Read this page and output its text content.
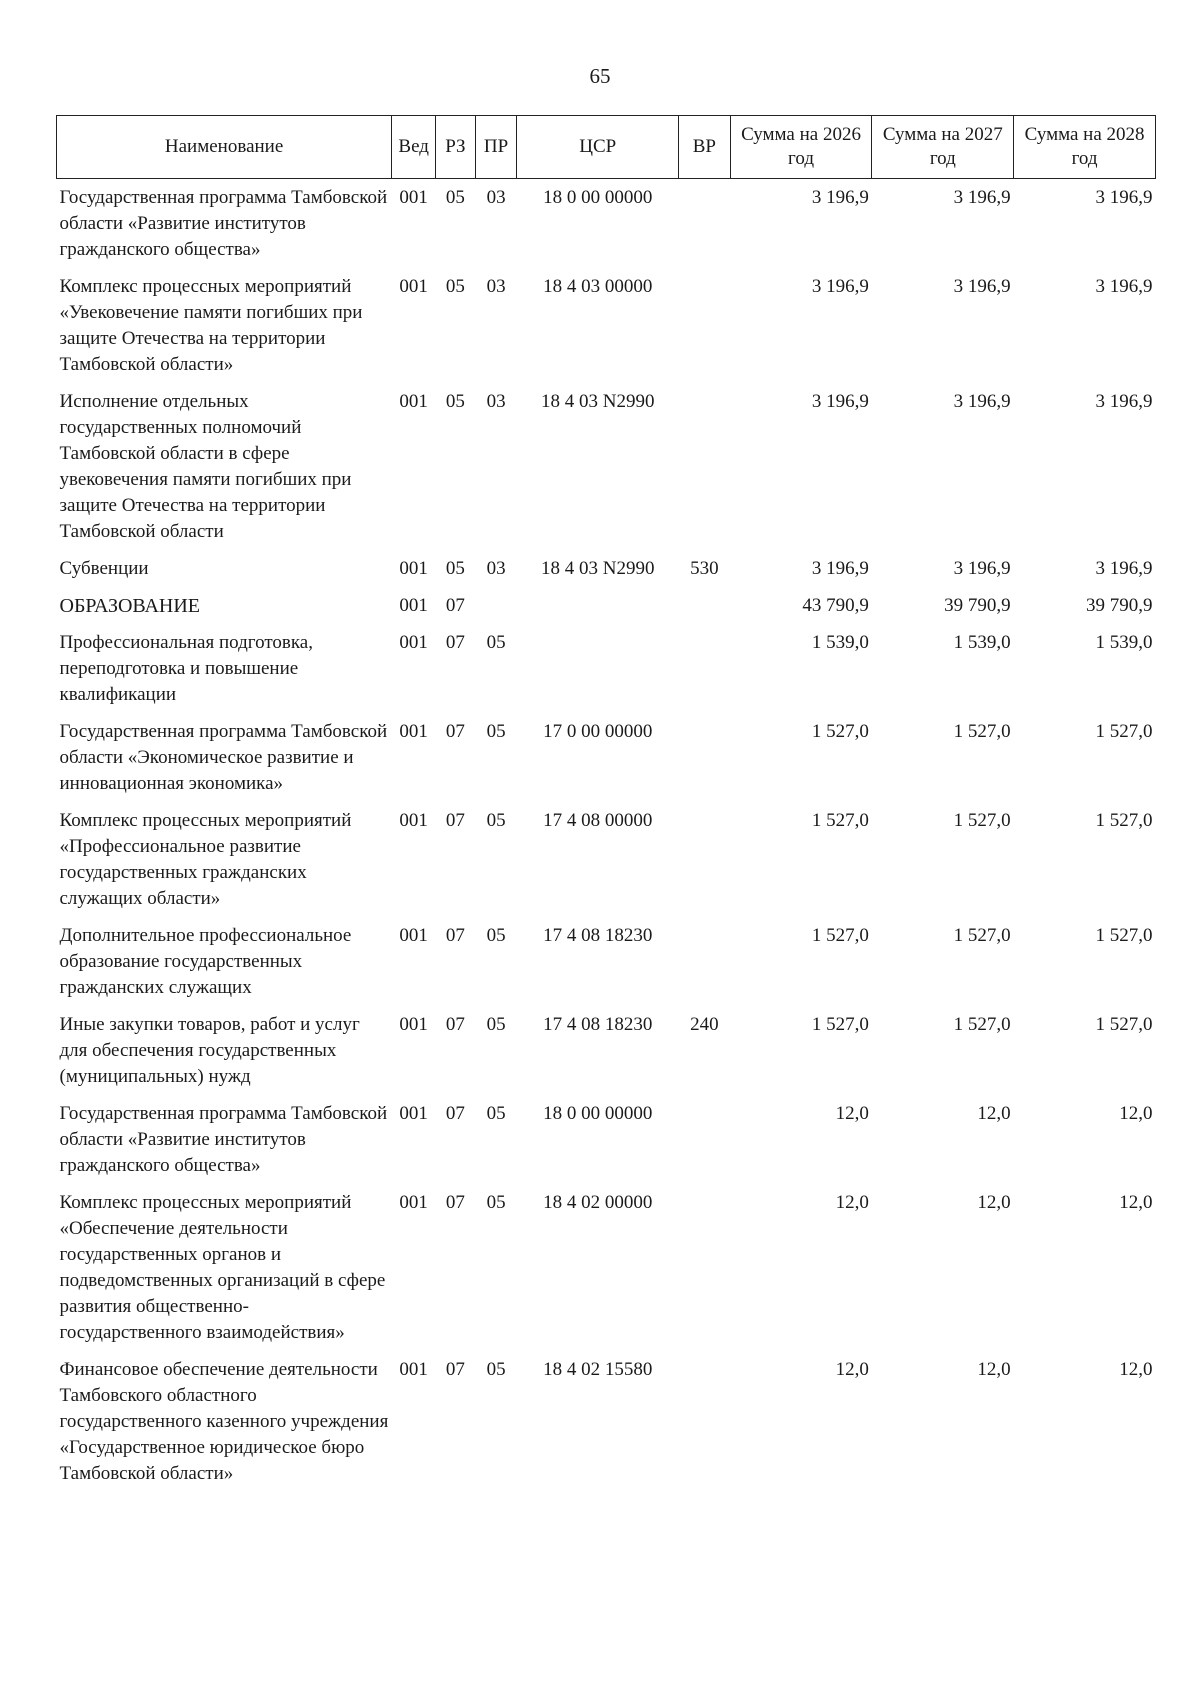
65
Наименование	Вед	РЗ	ПР	ЦСР	ВР	Сумма на 2026 год	Сумма на 2027 год	Сумма на 2028 год
Государственная программа Тамбовской области «Развитие институтов гражданского общества»	001	05	03	18 0 00 00000		3 196,9	3 196,9	3 196,9
Комплекс процессных мероприятий «Увековечение памяти погибших при защите Отечества на территории Тамбовской области»	001	05	03	18 4 03 00000		3 196,9	3 196,9	3 196,9
Исполнение отдельных государственных полномочий Тамбовской области в сфере увековечения памяти погибших при защите Отечества на территории Тамбовской области	001	05	03	18 4 03 N2990		3 196,9	3 196,9	3 196,9
Субвенции	001	05	03	18 4 03 N2990	530	3 196,9	3 196,9	3 196,9
ОБРАЗОВАНИЕ	001	07				43 790,9	39 790,9	39 790,9
Профессиональная подготовка, переподготовка и повышение квалификации	001	07	05			1 539,0	1 539,0	1 539,0
Государственная программа Тамбовской области «Экономическое развитие и инновационная экономика»	001	07	05	17 0 00 00000		1 527,0	1 527,0	1 527,0
Комплекс процессных мероприятий «Профессиональное развитие государственных гражданских служащих области»	001	07	05	17 4 08 00000		1 527,0	1 527,0	1 527,0
Дополнительное профессиональное образование государственных гражданских служащих	001	07	05	17 4 08 18230		1 527,0	1 527,0	1 527,0
Иные закупки товаров, работ и услуг для обеспечения государственных (муниципальных) нужд	001	07	05	17 4 08 18230	240	1 527,0	1 527,0	1 527,0
Государственная программа Тамбовской области «Развитие институтов гражданского общества»	001	07	05	18 0 00 00000		12,0	12,0	12,0
Комплекс процессных мероприятий «Обеспечение деятельности государственных органов и подведомственных организаций в сфере развития общественно-государственного взаимодействия»	001	07	05	18 4 02 00000		12,0	12,0	12,0
Финансовое обеспечение деятельности Тамбовского областного государственного казенного учреждения «Государственное юридическое бюро Тамбовской области»	001	07	05	18 4 02 15580		12,0	12,0	12,0
